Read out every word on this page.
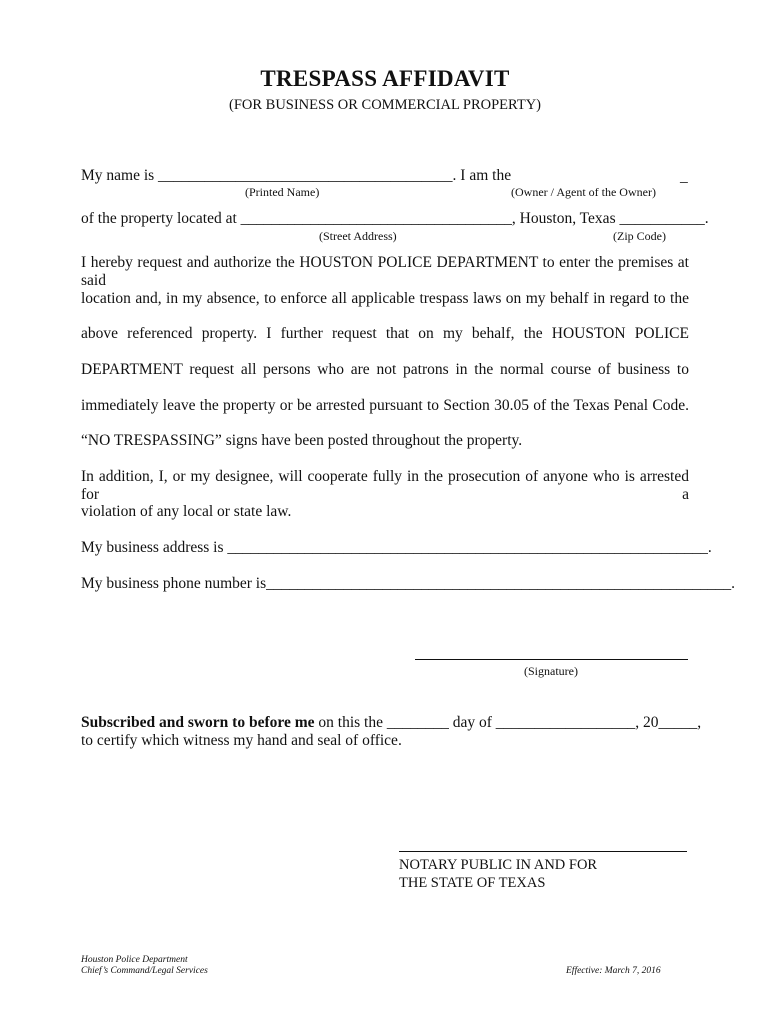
TRESPASS AFFIDAVIT
(FOR BUSINESS OR COMMERCIAL PROPERTY)
My name is ______________________________________. I am the	_
(Printed Name)	(Owner / Agent of the Owner)
of the property located at ___________________________________, Houston, Texas ___________.
(Street Address)	(Zip Code)
I hereby request and authorize the HOUSTON POLICE DEPARTMENT to enter the premises at said
location and, in my absence, to enforce all applicable trespass laws on my behalf in regard to the
above referenced property. I further request that on my behalf, the HOUSTON POLICE
DEPARTMENT request all persons who are not patrons in the normal course of business to
immediately leave the property or be arrested pursuant to Section 30.05 of the Texas Penal Code.
“NO TRESPASSING” signs have been posted throughout the property.
In addition, I, or my designee, will cooperate fully in the prosecution of anyone who is arrested for a
violation of any local or state law.
My business address is ______________________________________________________________.
My business phone number is____________________________________________________________.
(Signature)
Subscribed and sworn to before me on this the ________ day of __________________, 20_____,
to certify which witness my hand and seal of office.
NOTARY PUBLIC IN AND FOR
THE STATE OF TEXAS
Houston Police Department
Chief’s Command/Legal Services	Effective: March 7, 2016
